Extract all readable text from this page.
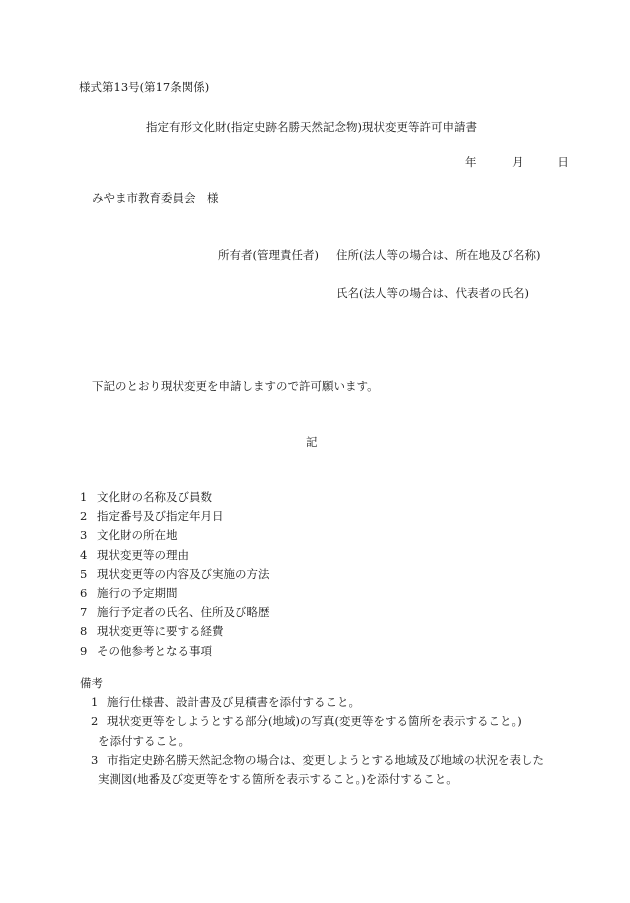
様式第13号(第17条関係)
指定有形文化財(指定史跡名勝天然記念物)現状変更等許可申請書
年	月	日
みやま市教育委員会　様
所有者(管理責任者) 住所(法人等の場合は、所在地及び名称)
氏名(法人等の場合は、代表者の氏名)
下記のとおり現状変更を申請しますので許可願います。
記
1 文化財の名称及び員数
2 指定番号及び指定年月日
3 文化財の所在地
4 現状変更等の理由
5 現状変更等の内容及び実施の方法
6 施行の予定期間
7 施行予定者の氏名、住所及び略歴
8 現状変更等に要する経費
9 その他参考となる事項
備考
1 施行仕様書、設計書及び見積書を添付すること。
2 現状変更等をしようとする部分(地域)の写真(変更等をする箇所を表示すること。)
を添付すること。
3 市指定史跡名勝天然記念物の場合は、変更しようとする地域及び地域の状況を表した
実測図(地番及び変更等をする箇所を表示すること。)を添付すること。
